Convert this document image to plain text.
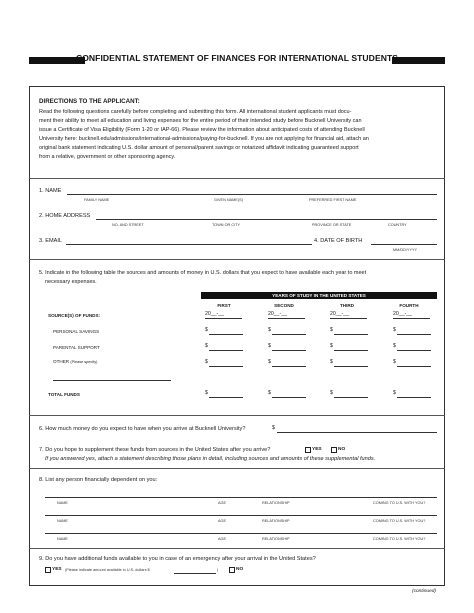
CONFIDENTIAL STATEMENT OF FINANCES FOR INTERNATIONAL STUDENTS
DIRECTIONS TO THE APPLICANT:
Read the following questions carefully before completing and submitting this form. All international student applicants must docu-
ment their ability to meet all education and living expenses for the entire period of their intended study before Bucknell University can
issue a Certificate of Visa Eligibility (Form 1-20 or IAP-66). Please review the information about anticipated costs of attending Bucknell
University here: bucknell.edu/admissions/international-admissions/paying-for-bucknell. If you are not applying for financial aid, attach an
original bank statement indicating U.S. dollar amount of personal/parent savings or notarized affidavit indicating guaranteed support
from a relative, government or other sponsoring agency.
1. NAME
FAMILY NAME	GIVEN NAME(S)	PREFERRED FIRST NAME
2. HOME ADDRESS
NO. AND STREET	TOWN OR CITY	PROVINCE OR STATE	COUNTRY
3. EMAIL	4. DATE OF BIRTH
MM/DD/YYYY
5. Indicate in the following table the sources and amounts of money in U.S. dollars that you expect to have available each year to meet
necessary expenses.
YEARS OF STUDY IN THE UNITED STATES
FIRST	SECOND	THIRD	FOURTH
SOURCE(S) OF FUNDS:	20__-__	20__-__	20__-__	20__-__
PERSONAL SAVINGS	$	$	$	$
PARENTAL SUPPORT	$	$	$	$
OTHER (Please specify)	$	$	$	$
TOTAL FUNDS	$	$	$	$
6. How much money do you expect to have when you arrive at Bucknell University?	$
7. Do you hope to supplement these funds from sources in the United States after you arrive?	YES	NO
If you answered yes, attach a statement describing those plans in detail, including sources and amounts of these supplemental funds.
8. List any person financially dependent on you:
NAME	AGE	RELATIONSHIP	COMING TO U.S. WITH YOU?
NAME	AGE	RELATIONSHIP	COMING TO U.S. WITH YOU?
NAME	AGE	RELATIONSHIP	COMING TO U.S. WITH YOU?
9. Do you have additional funds available to you in case of an emergency after your arrival in the United States?
YES (Please indicate amount available in U.S. dollars $	)	NO
(continued)
